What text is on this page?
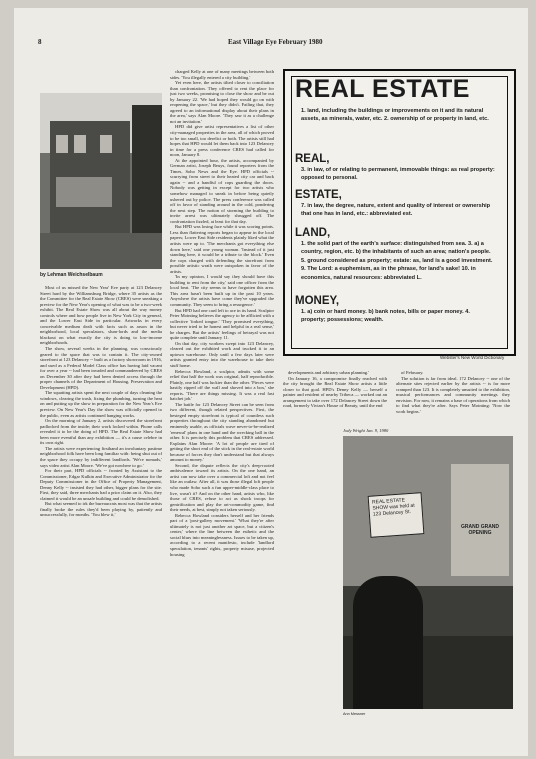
8	East Village Eye February 1980
by Lehman Weichselbaum

Most of us missed the New Year' Eve party at 123 Delancey Street hard by the Williamsburg Bridge, where 35 artists as the the Committee for the Real Estate Show (CRES) were sneaking a preview for the New Year's opening of what was to be a two-week exhibit. The Real Estate Show was all about the way money controls where and how people live in New York City in general, and the Lower East Side in particular. Artworks in every conceivable medium dealt with facts such as arson in the neighborhood, local speculators, slum-lords and the media blackout on what exactly the city is doing to low-income neighborhoods.

The show, several weeks in the planning, was consciously geared to the space that was to contain it. The city-owned storefront at 123 Delancey -- built as a factory showroom in 1916, and used as a Federal Model Class office has having laid vacant for over a year -- had been invaded and commandeered by CRES on December 30 after they had been denied access through the proper channels of the Department of Housing, Preservation and Development (HPD).

The squatting artists spent the next couple of days cleaning the windows, clearing the trash, fixing the plumbing, turning the heat on and putting up the show in preparation for the New Year's Eve preview. On New Year's Day the show was officially opened to the public, even as artists continued hanging works.

On the morning of January 2, artists discovered the storefront padlocked from the inside; their work locked within. Phone calls revealed it to be the doing of HPD. The Real Estate Show had been more eventful than any exhibition — it's a cause celebre in its own right.

The artists were experiencing firsthand an involuntary pastime neighborhood folk have been long familiar with: being shut out of the space they occupy by indifferent landlords. 'We're nomads,' says video artist Alan Moore. 'We've got nowhere to go.'

For their part, HPD officials -- fronted by Assistant to the Commissioner, Edgar Kulkin and Executive Administrator for the Deputy Commissioner in the Office of Property Management, Denny Kelly -- insisted they had other, bigger plans for the site. First, they said, three merchants had a prior claim on it. Also, they claimed it would be an unsafe building and could be demolished.

But what seemed to irk the bureaucrats most was that the artists finally broke the rules they'd been playing by, patiently and unsuccessfully, for months. 'You blew it,'

charged Kelly at one of many meetings between both sides. 'You illegally entered a city building.'

Yet even here, the artists tilted closer to conciliation than confrontation. They offered to rent the place for just two weeks, promising to close the show and be out by January 22. 'We had hoped they would go on with reopening the space,' but they didn't. Failing that, they agreed to an informational display about their plans in the area,' says Alan Moore. 'They saw it as a challenge not an invitation.'

HPD did give artist representatives a list of other city-managed properties in the area, all of which proved to be too small, too derelict or both. The artists still had hopes that HPD would let them back into 123 Delancey in time for a press conference CRES had called for noon, January 8.

At the appointed hour, the artists, accompanied by German artist, Joseph Beuys, found reporters from the Times, Soho News and the Eye. HPD officials -- scurrying from street to their heated city car and back again -- and a handful of cops guarding the doors. Nobody was getting in except for two artists who somehow managed to sneak in before being quietly ushered out by police. The press conference was called off in favor of standing around in the cold, pondering the next step. The notion of storming the building to invite arrest was ultimately shrugged off. The confrontation fizzled, at least for that day.

But HPD was losing face while it was scoring points. Less than flattering reports began to appear in the local papers; Lower East Side residents plainly liked what the artists were up to. 'The merchants got everything else down here,' said one young woman. 'Instead of it just standing here, it would be a tribute to the block.' Even the cops charged with defending the storefront from possible artistic wrath were outspoken in favor of the artists.

'In my opinion, I would say they should have this building to rent from the city,' said one officer from the local beat. 'The city seems to have forgotten this area. This area hasn't been built up in the past 10 years. Anywhere the artists have come they've upgraded the community. They seem to bring a resurgence.'

But HPD had one card left to ace in its hand. Sculptor Peter Mointing believes the agency to be afflicted with a collective 'forked tongue.' 'They promised everything, but never tried to be honest and helpful in a real sense,' he charges. But the artists' feelings of betrayal was not quite complete until January 11.

On that day, city workers swept into 123 Delancey, cleared out the exhibited work and trucked it to an uptown warehouse. Only until a few days later were artists granted entry into the warehouse to take their stuff home.

Rebecca Howland, a sculptor, admits with some relief that half the work was original, half reproducible. Plainly, one half was luckier than the other. 'Pieces were hastily ripped off the wall and shoved into a box,' she reports. 'There are things missing. It was a real fast hatchet job.'

The battle for 123 Delancey Street can be seen from two different, though related perspectives. First, the besieged empty storefront is typical of countless such properties throughout the city standing abandoned but eminently usable, as officials wave never-to-be-realized 'renewal' plans in one hand and the wrecking ball in the other. It is precisely this problem that CRES addressed. Explains Alan Moore: 'A lot of people are tired of getting the short end of the stick in the real-estate world because of forces they don't understand but that always amount to money.'

Second, the dispute reflects the city's deep-rooted ambivalence toward its artists. On the one hand, an artist can now take over a commercial loft and not feel like an outlaw. After all, it was those illegal loft people who made Soho such a fun upper-middle-class place to live, wasn't it? And on the other hand, artists who, like those of CRES, refuse to act as shock troops for gentrification and play the art-commodity game, find their needs, at best, simply not taken seriously.

Rebecca Howland considers herself and her friends part of a 'post-gallery movement.' 'What they're after ultimately is not just another art space, but a citizen's center,' where the line between the esthetic and the social blurs into meaninglessness. Issues to be taken up, according to a recent manifesto, include 'landlord speculation, tenants' rights, property misuse, projected housing

developments and arbitrary urban planning.'

On January 16, a compromise finally reached with the city brought the Real Estate Show artists a little closer to that goal. HPD's Denny Kelly — herself a painter and resident of nearby Tribeca — worked out an arrangement to take over 172 Delancey Street down the road, formerly Vivian's House of Beauty, until the end

of February.

The solution is far from ideal. 172 Delancey -- one of the alternate sites rejected earlier by the artists -- is far more cramped than 123. It is completely unsuited to the exhibition, musical performances and community meetings they envision. For now, it remains a base of operations from which to find what they're after. Says Peter Mointing: 'Now the work begins.'

REAL ESTATE
1. land, including the buildings or improvements on it and its natural assets, as minerals, water, etc. 2. ownership of or property in land, etc.
REAL,
3. in law, of or relating to permanent, immovable things: as real property: opposed to personal.
ESTATE,
7. in law, the degree, nature, extent and quality of interest or ownership that one has in land, etc.: abbreviated est.
LAND,
1. the solid part of the earth's surface: distinguished from sea. 3. a) a country, region, etc. b) the inhabitants of such an area; nation's people. 5. ground considered as property; estate: as, land is a good investment. 9. The Lord: a euphemism, as in the phrase, for land's sake! 10. in economics, natural resources: abbreviated L.
MONEY,
1. a) coin or hard money. b) bank notes, bills or paper money. 4. property; possessions; wealth.
Webster's New World Dictionary
Jody Wright Jan. 9, 1980
REAL ESTATE SHOW was held at 123 Delancey St.
GRAND GRAND OPENING
Ann Messner
